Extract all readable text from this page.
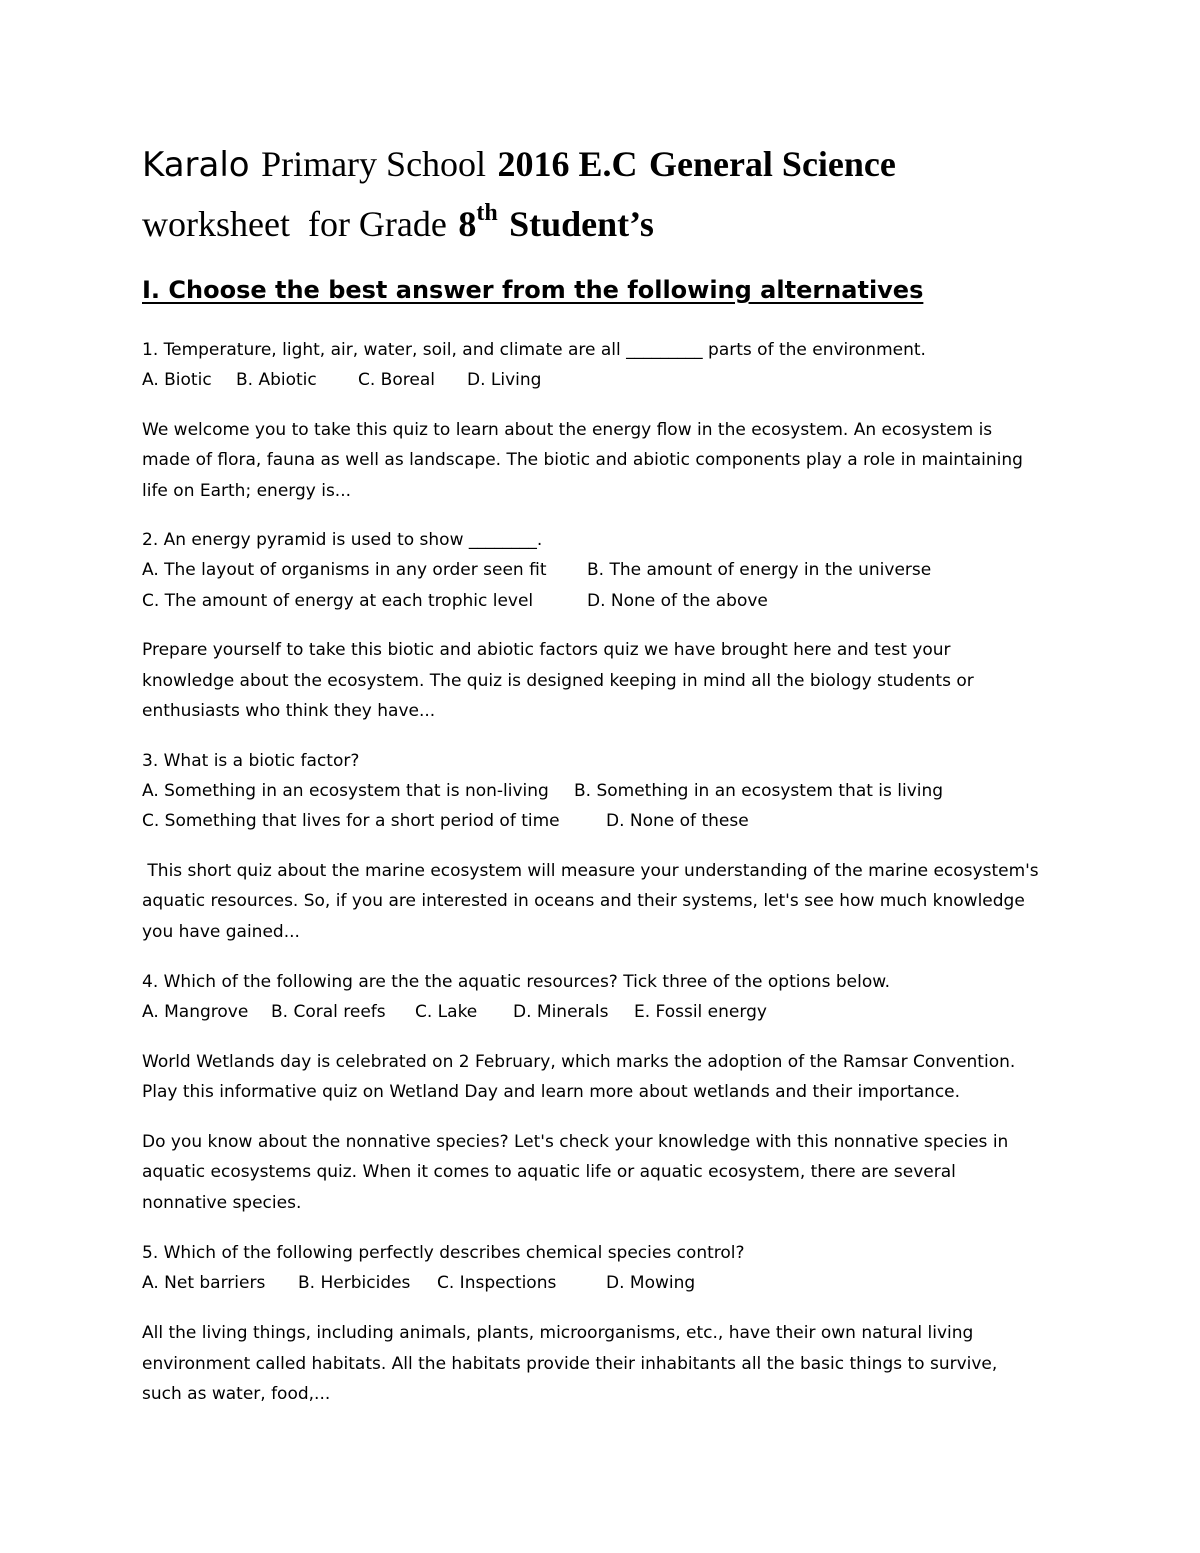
Karalo Primary School 2016 E.C General Science
worksheet  for Grade 8th Student’s
I. Choose the best answer from the following alternatives
1. Temperature, light, air, water, soil, and climate are all _________ parts of the environment.
A. Biotic B. Abiotic C. Boreal D. Living
We welcome you to take this quiz to learn about the energy flow in the ecosystem. An ecosystem is
made of flora, fauna as well as landscape. The biotic and abiotic components play a role in maintaining
life on Earth; energy is...
2. An energy pyramid is used to show ________.
A. The layout of organisms in any order seen fit B. The amount of energy in the universe
C. The amount of energy at each trophic level	D. None of the above
Prepare yourself to take this biotic and abiotic factors quiz we have brought here and test your
knowledge about the ecosystem. The quiz is designed keeping in mind all the biology students or
enthusiasts who think they have...
3. What is a biotic factor?
A. Something in an ecosystem that is non-living B. Something in an ecosystem that is living
C. Something that lives for a short period of time	D. None of these
This short quiz about the marine ecosystem will measure your understanding of the marine ecosystem's
aquatic resources. So, if you are interested in oceans and their systems, let's see how much knowledge
you have gained...
4. Which of the following are the the aquatic resources? Tick three of the options below.
A. Mangrove B. Coral reefs C. Lake D. Minerals E. Fossil energy
World Wetlands day is celebrated on 2 February, which marks the adoption of the Ramsar Convention.
Play this informative quiz on Wetland Day and learn more about wetlands and their importance.
Do you know about the nonnative species? Let's check your knowledge with this nonnative species in
aquatic ecosystems quiz. When it comes to aquatic life or aquatic ecosystem, there are several
nonnative species.
5. Which of the following perfectly describes chemical species control?
A. Net barriers B. Herbicides C. Inspections	D. Mowing
All the living things, including animals, plants, microorganisms, etc., have their own natural living
environment called habitats. All the habitats provide their inhabitants all the basic things to survive,
such as water, food,...
